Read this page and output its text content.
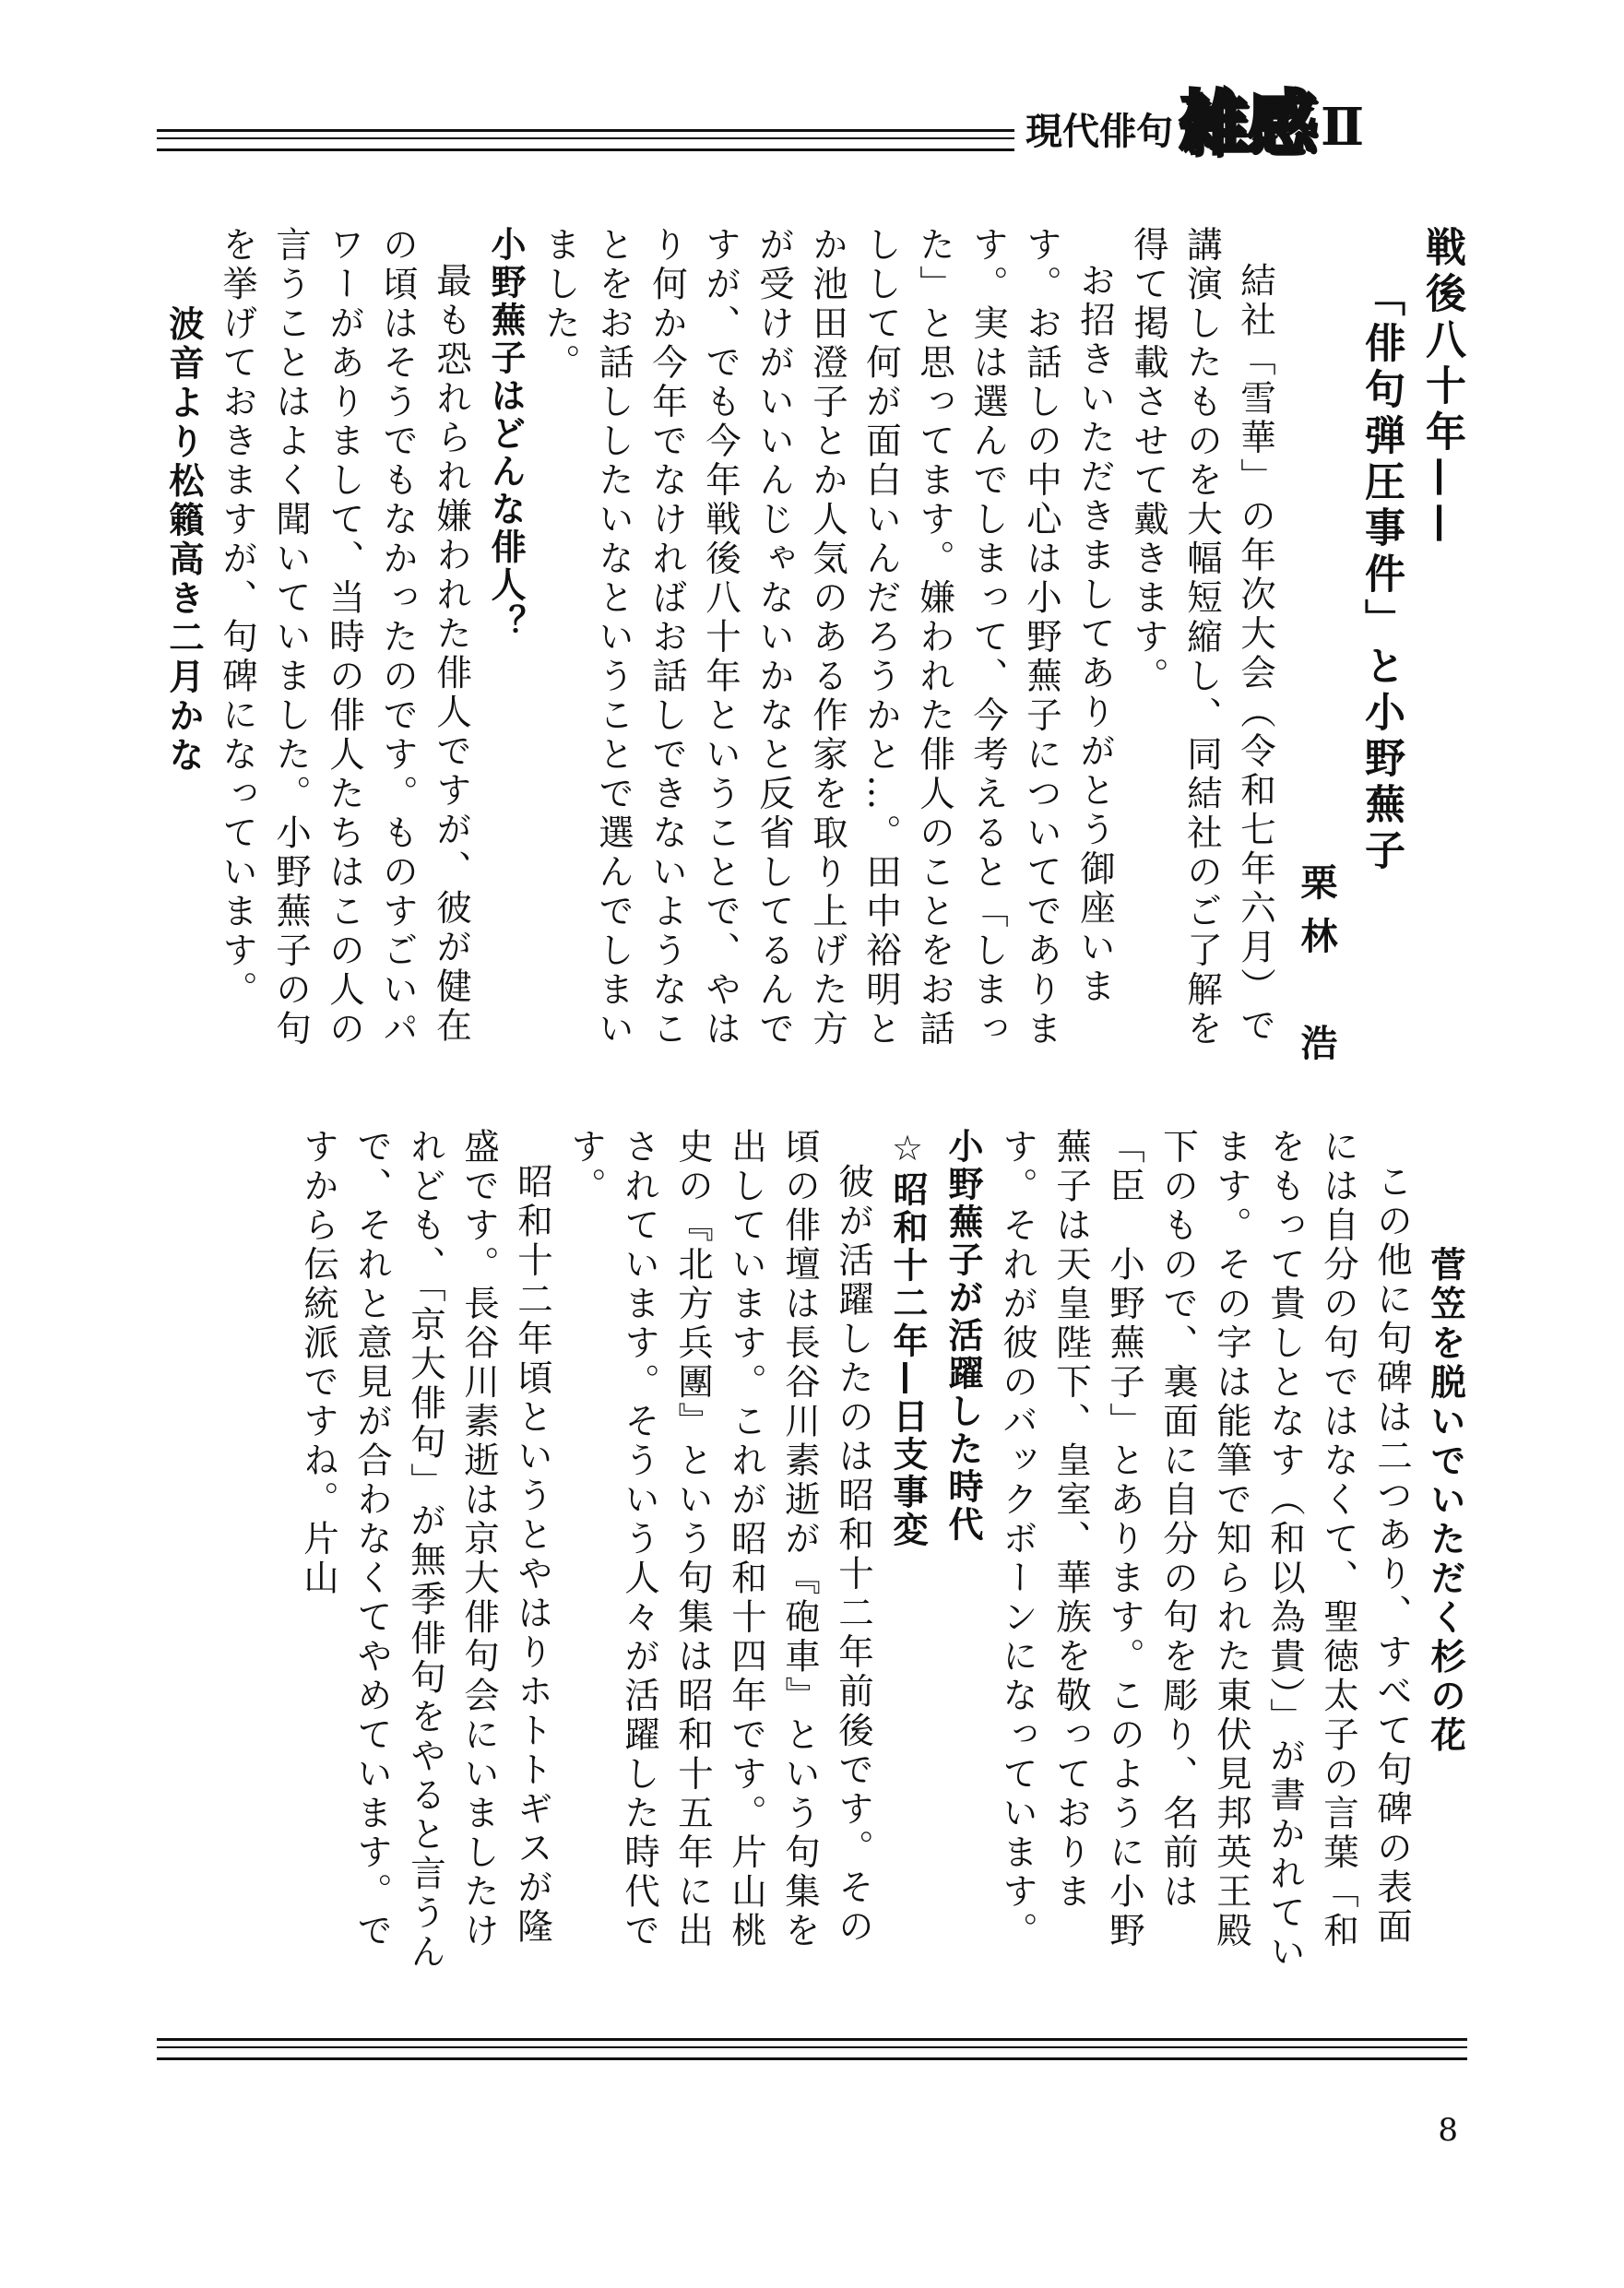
現代俳句 雑感 Ⅱ
戦後八十年——
「俳句弾圧事件」と小野蕪子
栗林　浩

結社「雪華」の年次大会（令和七年六月）で講演したものを大幅短縮し、同結社のご了解を得て掲載させて戴きます。

お招きいただきましてありがとう御座います。お話しの中心は小野蕪子についてであります。実は選んでしまって、今考えると「しまった」と思ってます。嫌われた俳人のことをお話しして何が面白いんだろうかと…。田中裕明とか池田澄子とか人気のある作家を取り上げた方が受けがいいんじゃないかなと反省してるんですが、でも今年戦後八十年ということで、やはり何か今年でなければお話しできないようなことをお話ししたいなということで選んでしまいました。

小野蕪子はどんな俳人？

最も恐れられ嫌われた俳人ですが、彼が健在の頃はそうでもなかったのです。ものすごいパワーがありまして、当時の俳人たちはこの人の言うことはよく聞いていました。小野蕪子の句を挙げておきますが、句碑になっています。

波音より松籟高き二月かな
菅笠を脱いでいただく杉の花

この他に句碑は二つあり、すべて句碑の表面には自分の句ではなくて、聖徳太子の言葉「和をもって貴しとなす（和以為貴）」が書かれています。その字は能筆で知られた東伏見邦英王殿下のもので、裏面に自分の句を彫り、名前は「臣　小野蕪子」とあります。このように小野蕪子は天皇陛下、皇室、華族を敬っております。それが彼のバックボーンになっています。

小野蕪子が活躍した時代
☆昭和十二年—日支事変

彼が活躍したのは昭和十二年前後です。その頃の俳壇は長谷川素逝が『砲車』という句集を出しています。これが昭和十四年です。片山桃史の『北方兵團』という句集は昭和十五年に出されています。そういう人々が活躍した時代です。

昭和十二年頃というとやはりホトトギスが隆盛です。長谷川素逝は京大俳句会にいましたけれども、「京大俳句」が無季俳句をやると言うんで、それと意見が合わなくてやめています。ですから伝統派ですね。片山

8
